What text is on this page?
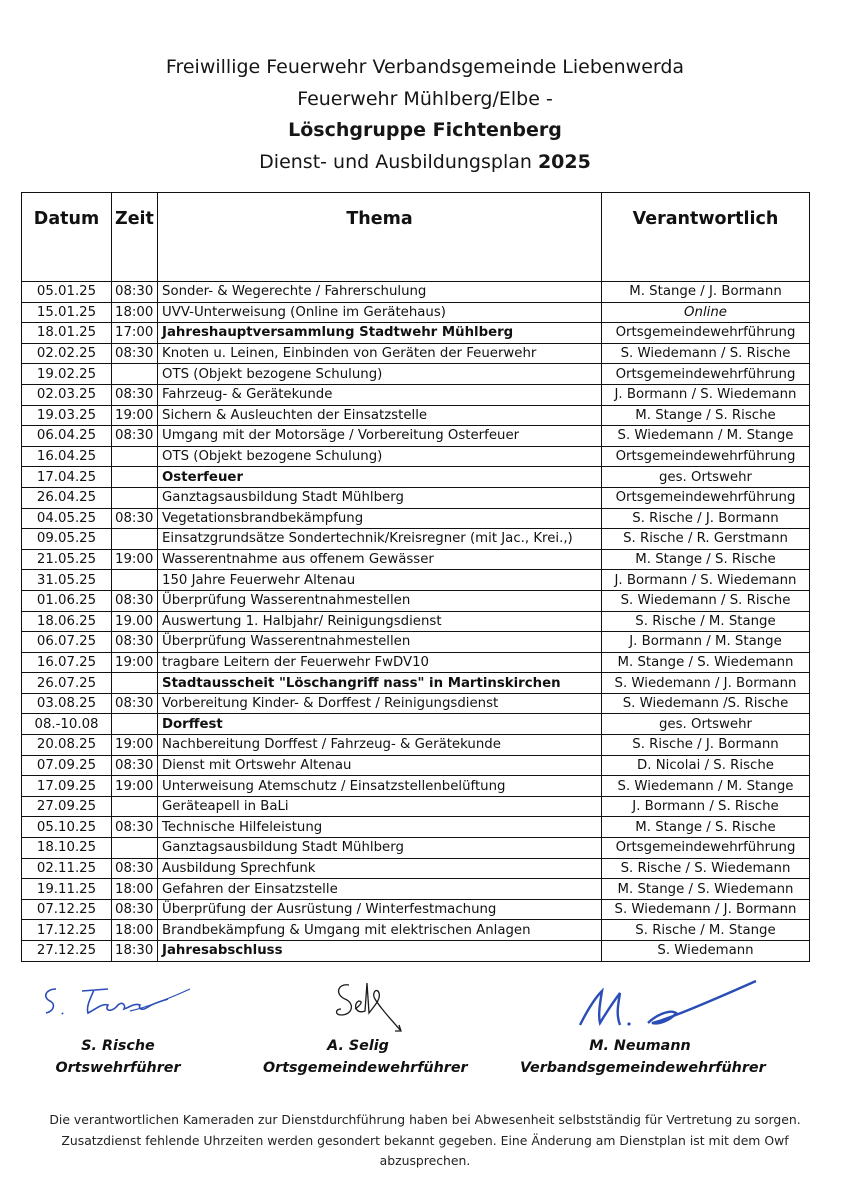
Freiwillige Feuerwehr Verbandsgemeinde Liebenwerda
Feuerwehr Mühlberg/Elbe -
Löschgruppe Fichtenberg
Dienst- und Ausbildungsplan 2025
Datum	Zeit	Thema	Verantwortlich
05.01.25	08:30	Sonder- & Wegerechte / Fahrerschulung	M. Stange / J. Bormann
15.01.25	18:00	UVV-Unterweisung (Online im Gerätehaus)	Online
18.01.25	17:00	Jahreshauptversammlung Stadtwehr Mühlberg	Ortsgemeindewehrführung
02.02.25	08:30	Knoten u. Leinen, Einbinden von Geräten der Feuerwehr	S. Wiedemann / S. Rische
19.02.25		OTS (Objekt bezogene Schulung)	Ortsgemeindewehrführung
02.03.25	08:30	Fahrzeug- & Gerätekunde	J. Bormann / S. Wiedemann
19.03.25	19:00	Sichern & Ausleuchten der Einsatzstelle	M. Stange / S. Rische
06.04.25	08:30	Umgang mit der Motorsäge / Vorbereitung Osterfeuer	S. Wiedemann / M. Stange
16.04.25		OTS (Objekt bezogene Schulung)	Ortsgemeindewehrführung
17.04.25		Osterfeuer	ges. Ortswehr
26.04.25		Ganztagsausbildung Stadt Mühlberg	Ortsgemeindewehrführung
04.05.25	08:30	Vegetationsbrandbekämpfung	S. Rische / J. Bormann
09.05.25		Einsatzgrundsätze Sondertechnik/Kreisregner (mit Jac., Krei.,)	S. Rische / R. Gerstmann
21.05.25	19:00	Wasserentnahme aus offenem Gewässer	M. Stange / S. Rische
31.05.25		150 Jahre Feuerwehr Altenau	J. Bormann / S. Wiedemann
01.06.25	08:30	Überprüfung Wasserentnahmestellen	S. Wiedemann / S. Rische
18.06.25	19.00	Auswertung 1. Halbjahr/ Reinigungsdienst	S. Rische / M. Stange
06.07.25	08:30	Überprüfung Wasserentnahmestellen	J. Bormann / M. Stange
16.07.25	19:00	tragbare Leitern der Feuerwehr FwDV10	M. Stange / S. Wiedemann
26.07.25		Stadtausscheit "Löschangriff nass" in Martinskirchen	S. Wiedemann / J. Bormann
03.08.25	08:30	Vorbereitung Kinder- & Dorffest / Reinigungsdienst	S. Wiedemann /S. Rische
08.-10.08		Dorffest	ges. Ortswehr
20.08.25	19:00	Nachbereitung Dorffest / Fahrzeug- & Gerätekunde	S. Rische / J. Bormann
07.09.25	08:30	Dienst mit Ortswehr Altenau	D. Nicolai / S. Rische
17.09.25	19:00	Unterweisung Atemschutz / Einsatzstellenbelüftung	S. Wiedemann / M. Stange
27.09.25		Geräteapell in BaLi	J. Bormann / S. Rische
05.10.25	08:30	Technische Hilfeleistung	M. Stange / S. Rische
18.10.25		Ganztagsausbildung Stadt Mühlberg	Ortsgemeindewehrführung
02.11.25	08:30	Ausbildung Sprechfunk	S. Rische / S. Wiedemann
19.11.25	18:00	Gefahren der Einsatzstelle	M. Stange / S. Wiedemann
07.12.25	08:30	Überprüfung der Ausrüstung / Winterfestmachung	S. Wiedemann / J. Bormann
17.12.25	18:00	Brandbekämpfung & Umgang mit elektrischen Anlagen	S. Rische / M. Stange
27.12.25	18:30	Jahresabschluss	S. Wiedemann
S. Rische
Ortswehrführer
A. Selig
Ortsgemeindewehrführer
M. Neumann
Verbandsgemeindewehrführer
Die verantwortlichen Kameraden zur Dienstdurchführung haben bei Abwesenheit selbstständig für Vertretung zu sorgen. Zusatzdienst fehlende Uhrzeiten werden gesondert bekannt gegeben. Eine Änderung am Dienstplan ist mit dem Owf abzusprechen.
